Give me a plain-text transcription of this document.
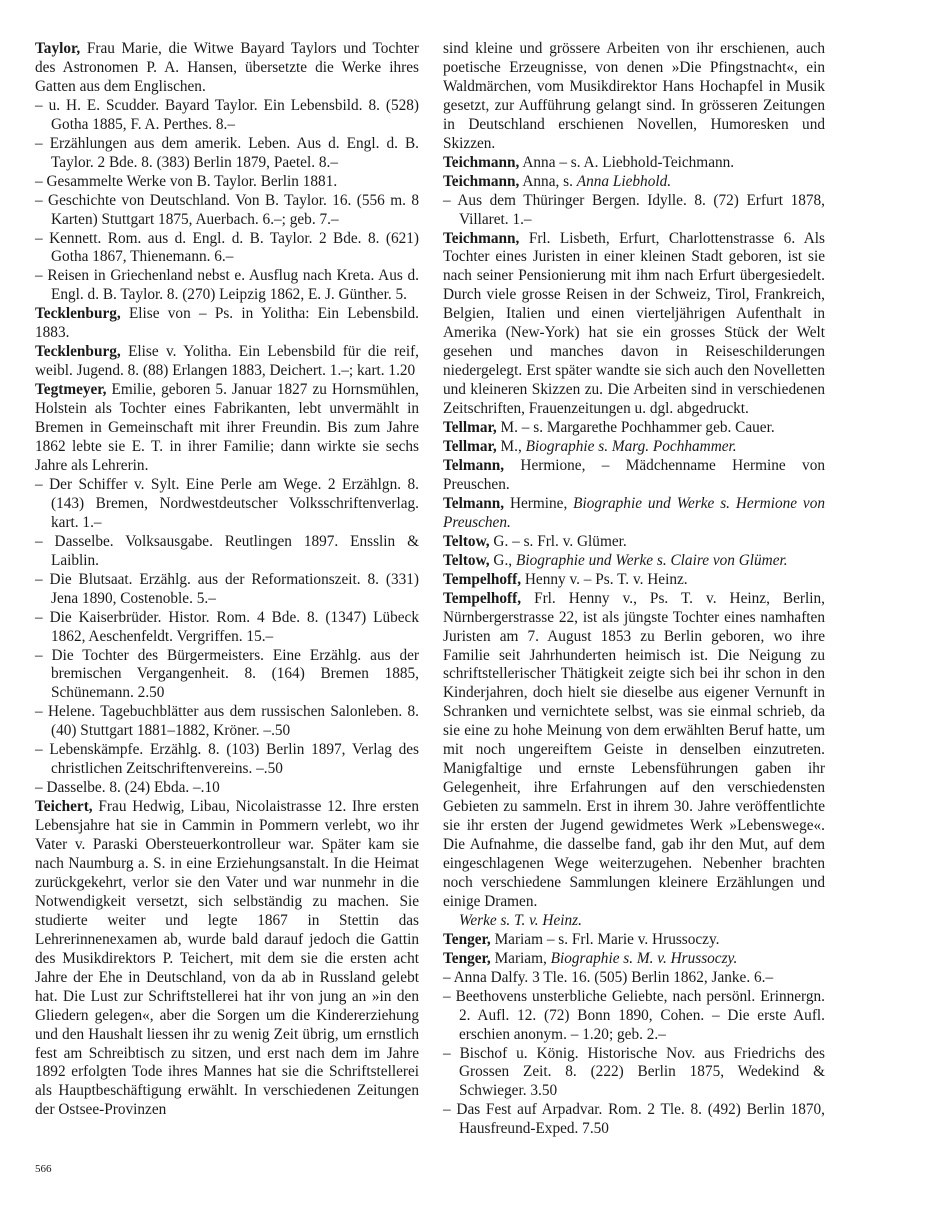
Taylor, Frau Marie, die Witwe Bayard Taylors und Tochter des Astronomen P. A. Hansen, übersetzte die Werke ihres Gatten aus dem Englischen.

– u. H. E. Scudder. Bayard Taylor. Ein Lebensbild. 8. (528) Gotha 1885, F. A. Perthes. 8.–

– Erzählungen aus dem amerik. Leben. Aus d. Engl. d. B. Taylor. 2 Bde. 8. (383) Berlin 1879, Paetel. 8.–

– Gesammelte Werke von B. Taylor. Berlin 1881.

– Geschichte von Deutschland. Von B. Taylor. 16. (556 m. 8 Karten) Stuttgart 1875, Auerbach. 6.–; geb. 7.–

– Kennett. Rom. aus d. Engl. d. B. Taylor. 2 Bde. 8. (621) Gotha 1867, Thienemann. 6.–

– Reisen in Griechenland nebst e. Ausflug nach Kreta. Aus d. Engl. d. B. Taylor. 8. (270) Leipzig 1862, E. J. Günther. 5.

Tecklenburg, Elise von – Ps. in Yolitha: Ein Lebensbild. 1883.

Tecklenburg, Elise v. Yolitha. Ein Lebensbild für die reif, weibl. Jugend. 8. (88) Erlangen 1883, Deichert. 1.–; kart. 1.20

Tegtmeyer, Emilie, geboren 5. Januar 1827 zu Hornsmühlen, Holstein als Tochter eines Fabrikanten, lebt unvermählt in Bremen in Gemeinschaft mit ihrer Freundin. Bis zum Jahre 1862 lebte sie E. T. in ihrer Familie; dann wirkte sie sechs Jahre als Lehrerin.

– Der Schiffer v. Sylt. Eine Perle am Wege. 2 Erzählgn. 8. (143) Bremen, Nordwestdeutscher Volksschriftenverlag. kart. 1.–

– Dasselbe. Volksausgabe. Reutlingen 1897. Ensslin & Laiblin.

– Die Blutsaat. Erzählg. aus der Reformationszeit. 8. (331) Jena 1890, Costenoble. 5.–

– Die Kaiserbrüder. Histor. Rom. 4 Bde. 8. (1347) Lübeck 1862, Aeschenfeldt. Vergriffen. 15.–

– Die Tochter des Bürgermeisters. Eine Erzählg. aus der bremischen Vergangenheit. 8. (164) Bremen 1885, Schünemann. 2.50

– Helene. Tagebuchblätter aus dem russischen Salonleben. 8. (40) Stuttgart 1881–1882, Kröner. –.50

– Lebenskämpfe. Erzählg. 8. (103) Berlin 1897, Verlag des christlichen Zeitschriftenvereins. –.50

– Dasselbe. 8. (24) Ebda. –.10

Teichert, Frau Hedwig, Libau, Nicolaistrasse 12. Ihre ersten Lebensjahre hat sie in Cammin in Pommern verlebt, wo ihr Vater v. Paraski Obersteuerkontrolleur war. Später kam sie nach Naumburg a. S. in eine Erziehungsanstalt. In die Heimat zurückgekehrt, verlor sie den Vater und war nunmehr in die Notwendigkeit versetzt, sich selbständig zu machen. Sie studierte weiter und legte 1867 in Stettin das Lehrerinnenexamen ab, wurde bald darauf jedoch die Gattin des Musikdirektors P. Teichert, mit dem sie die ersten acht Jahre der Ehe in Deutschland, von da ab in Russland gelebt hat. Die Lust zur Schriftstellerei hat ihr von jung an »in den Gliedern gelegen«, aber die Sorgen um die Kindererziehung und den Haushalt liessen ihr zu wenig Zeit übrig, um ernstlich fest am Schreibtisch zu sitzen, und erst nach dem im Jahre 1892 erfolgten Tode ihres Mannes hat sie die Schriftstellerei als Hauptbeschäftigung erwählt. In verschiedenen Zeitungen der Ostsee-Provinzen

sind kleine und grössere Arbeiten von ihr erschienen, auch poetische Erzeugnisse, von denen »Die Pfingstnacht«, ein Waldmärchen, vom Musikdirektor Hans Hochapfel in Musik gesetzt, zur Aufführung gelangt sind. In grösseren Zeitungen in Deutschland erschienen Novellen, Humoresken und Skizzen.

Teichmann, Anna – s. A. Liebhold-Teichmann.

Teichmann, Anna, s. Anna Liebhold.

– Aus dem Thüringer Bergen. Idylle. 8. (72) Erfurt 1878, Villaret. 1.–

Teichmann, Frl. Lisbeth, Erfurt, Charlottenstrasse 6. Als Tochter eines Juristen in einer kleinen Stadt geboren, ist sie nach seiner Pensionierung mit ihm nach Erfurt übergesiedelt. Durch viele grosse Reisen in der Schweiz, Tirol, Frankreich, Belgien, Italien und einen vierteljährigen Aufenthalt in Amerika (New-York) hat sie ein grosses Stück der Welt gesehen und manches davon in Reiseschilderungen niedergelegt. Erst später wandte sie sich auch den Novelletten und kleineren Skizzen zu. Die Arbeiten sind in verschiedenen Zeitschriften, Frauenzeitungen u. dgl. abgedruckt.

Tellmar, M. – s. Margarethe Pochhammer geb. Cauer.

Tellmar, M., Biographie s. Marg. Pochhammer.

Telmann, Hermione, – Mädchenname Hermine von Preuschen.

Telmann, Hermine, Biographie und Werke s. Hermione von Preuschen.

Teltow, G. – s. Frl. v. Glümer.

Teltow, G., Biographie und Werke s. Claire von Glümer.

Tempelhoff, Henny v. – Ps. T. v. Heinz.

Tempelhoff, Frl. Henny v., Ps. T. v. Heinz, Berlin, Nürnbergerstrasse 22, ist als jüngste Tochter eines namhaften Juristen am 7. August 1853 zu Berlin geboren, wo ihre Familie seit Jahrhunderten heimisch ist. Die Neigung zu schriftstellerischer Thätigkeit zeigte sich bei ihr schon in den Kinderjahren, doch hielt sie dieselbe aus eigener Vernunft in Schranken und vernichtete selbst, was sie einmal schrieb, da sie eine zu hohe Meinung von dem erwählten Beruf hatte, um mit noch ungereiftem Geiste in denselben einzutreten. Manigfaltige und ernste Lebensführungen gaben ihr Gelegenheit, ihre Erfahrungen auf den verschiedensten Gebieten zu sammeln. Erst in ihrem 30. Jahre veröffentlichte sie ihr ersten der Jugend gewidmetes Werk »Lebenswege«. Die Aufnahme, die dasselbe fand, gab ihr den Mut, auf dem eingeschlagenen Wege weiterzugehen. Nebenher brachten noch verschiedene Sammlungen kleinere Erzählungen und einige Dramen.

Werke s. T. v. Heinz.

Tenger, Mariam – s. Frl. Marie v. Hrussoczy.

Tenger, Mariam, Biographie s. M. v. Hrussoczy.

– Anna Dalfy. 3 Tle. 16. (505) Berlin 1862, Janke. 6.–

– Beethovens unsterbliche Geliebte, nach persönl. Erinnergn. 2. Aufl. 12. (72) Bonn 1890, Cohen. – Die erste Aufl. erschien anonym. – 1.20; geb. 2.–

– Bischof u. König. Historische Nov. aus Friedrichs des Grossen Zeit. 8. (222) Berlin 1875, Wedekind & Schwieger. 3.50

– Das Fest auf Arpadvar. Rom. 2 Tle. 8. (492) Berlin 1870, Hausfreund-Exped. 7.50

566
